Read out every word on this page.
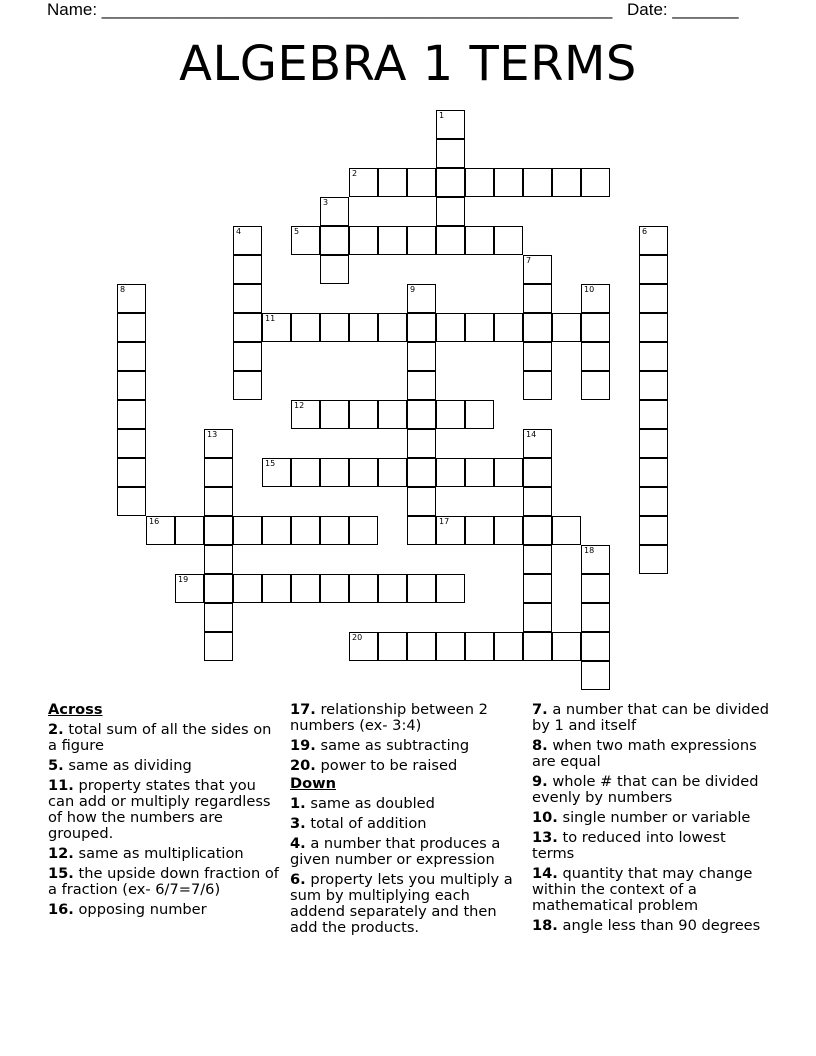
Name: ______________________________________________________ Date: _______
ALGEBRA 1 TERMS
1
2
3
4	5	6
7
8	9	10
11
12
13	14
15
16	17
18
19
20
Across
2. total sum of all the sides on a figure
5. same as dividing
11. property states that you can add or multiply regardless of how the numbers are grouped.
12. same as multiplication
15. the upside down fraction of a fraction (ex- 6/7=7/6)
16. opposing number
17. relationship between 2 numbers (ex- 3:4)
19. same as subtracting
20. power to be raised
Down
1. same as doubled
3. total of addition
4. a number that produces a given number or expression
6. property lets you multiply a sum by multiplying each addend separately and then add the products.
7. a number that can be divided by 1 and itself
8. when two math expressions are equal
9. whole # that can be divided evenly by numbers
10. single number or variable
13. to reduced into lowest terms
14. quantity that may change within the context of a mathematical problem
18. angle less than 90 degrees
